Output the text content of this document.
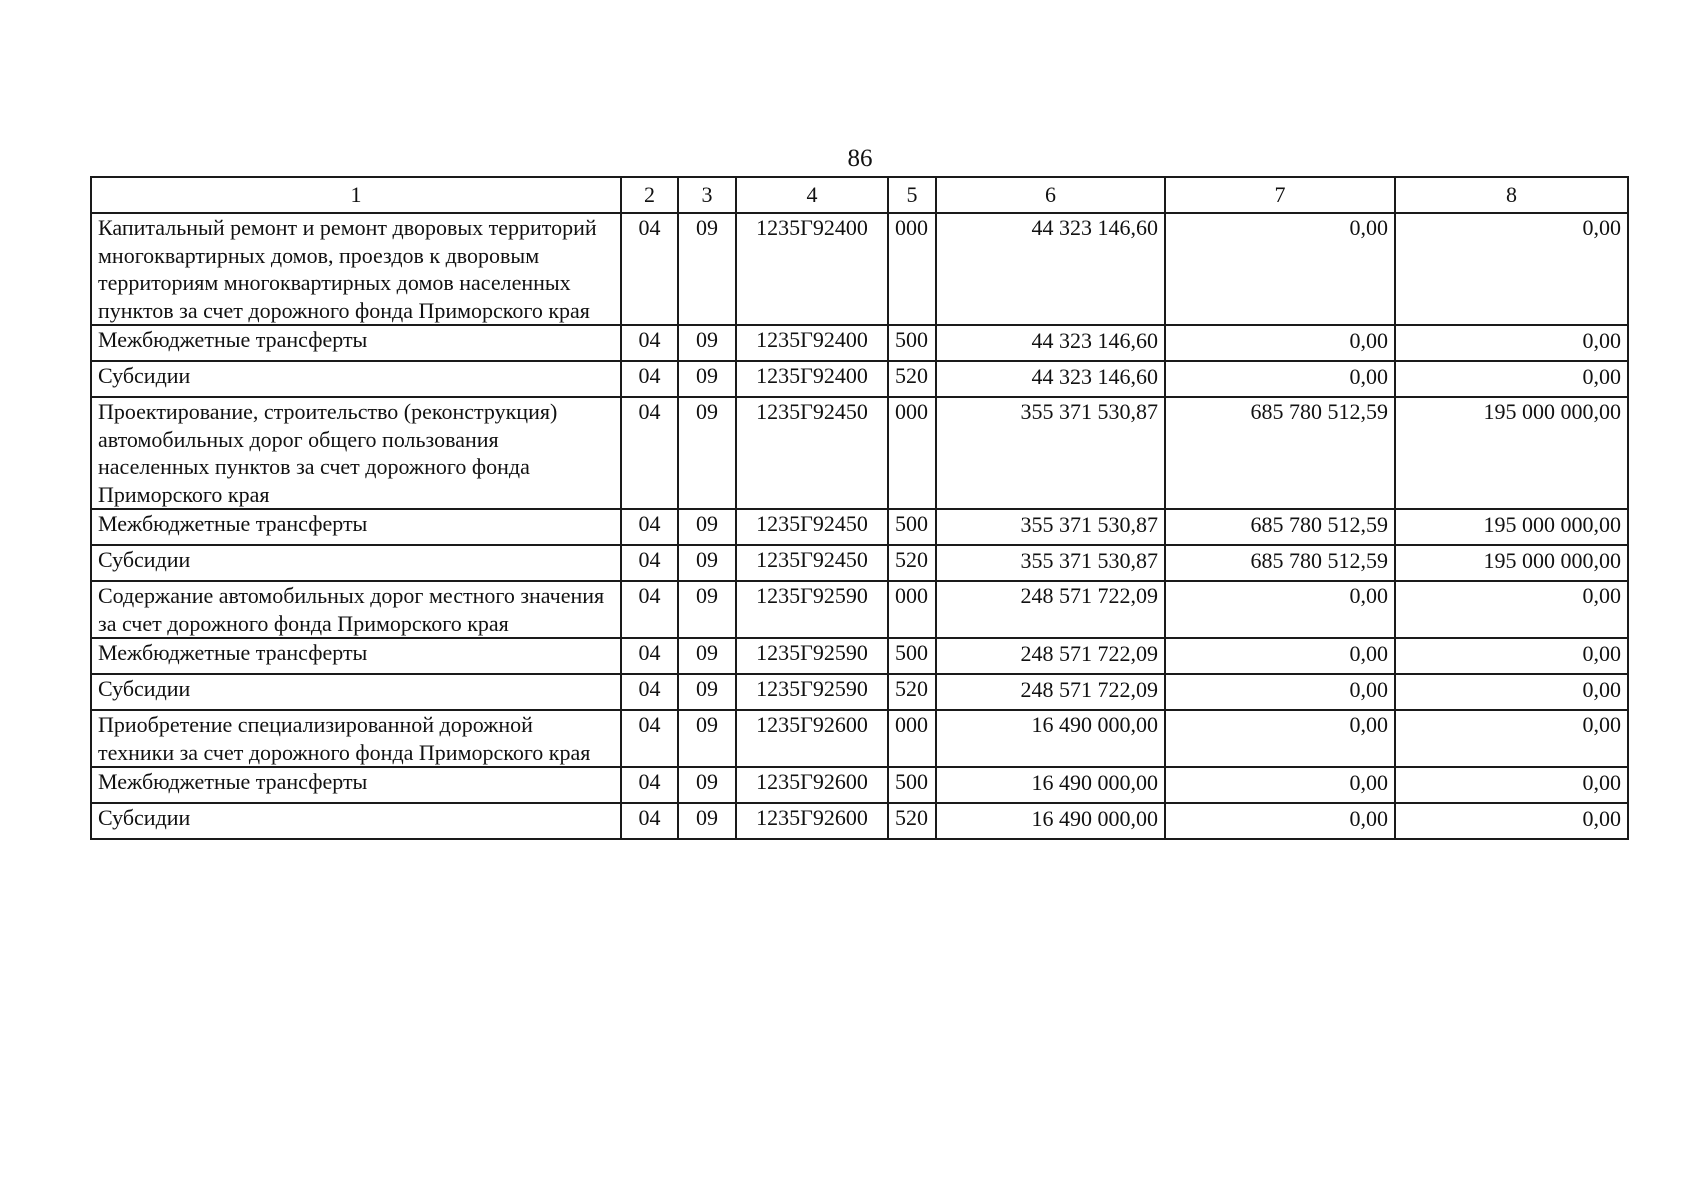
86
1	2	3	4	5	6	7	8
Капитальный ремонт и ремонт дворовых территорий многоквартирных домов, проездов к дворовым территориям многоквартирных домов населенных пунктов за счет дорожного фонда Приморского края	04	09	1235Г92400	000	44 323 146,60	0,00	0,00
Межбюджетные трансферты	04	09	1235Г92400	500	44 323 146,60	0,00	0,00
Субсидии	04	09	1235Г92400	520	44 323 146,60	0,00	0,00
Проектирование, строительство (реконструкция) автомобильных дорог общего пользования населенных пунктов за счет дорожного фонда Приморского края	04	09	1235Г92450	000	355 371 530,87	685 780 512,59	195 000 000,00
Межбюджетные трансферты	04	09	1235Г92450	500	355 371 530,87	685 780 512,59	195 000 000,00
Субсидии	04	09	1235Г92450	520	355 371 530,87	685 780 512,59	195 000 000,00
Содержание автомобильных дорог местного значения за счет дорожного фонда Приморского края	04	09	1235Г92590	000	248 571 722,09	0,00	0,00
Межбюджетные трансферты	04	09	1235Г92590	500	248 571 722,09	0,00	0,00
Субсидии	04	09	1235Г92590	520	248 571 722,09	0,00	0,00
Приобретение специализированной дорожной техники за счет дорожного фонда Приморского края	04	09	1235Г92600	000	16 490 000,00	0,00	0,00
Межбюджетные трансферты	04	09	1235Г92600	500	16 490 000,00	0,00	0,00
Субсидии	04	09	1235Г92600	520	16 490 000,00	0,00	0,00
